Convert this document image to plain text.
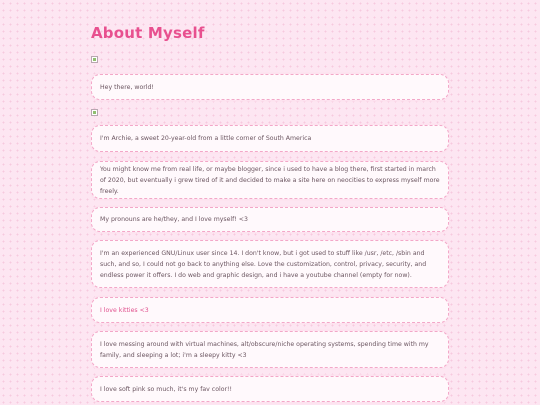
About Myself

Hey there, world!

I'm Archie, a sweet 20-year-old from a little corner of South America

You might know me from real life, or maybe blogger, since i used to have a blog there, first started in march of 2020, but eventually i grew tired of it and decided to make a site here on neocities to express myself more freely.

My pronouns are he/they, and I love myself! <3

I'm an experienced GNU/Linux user since 14. I don't know, but i got used to stuff like /usr, /etc, /sbin and such, and so, I could not go back to anything else. Love the customization, control, privacy, security, and endless power it offers. I do web and graphic design, and i have a youtube channel (empty for now).

I love kitties <3

I love messing around with virtual machines, alt/obscure/niche operating systems, spending time with my family, and sleeping a lot; i'm a sleepy kitty <3

I love soft pink so much, it's my fav color!!
